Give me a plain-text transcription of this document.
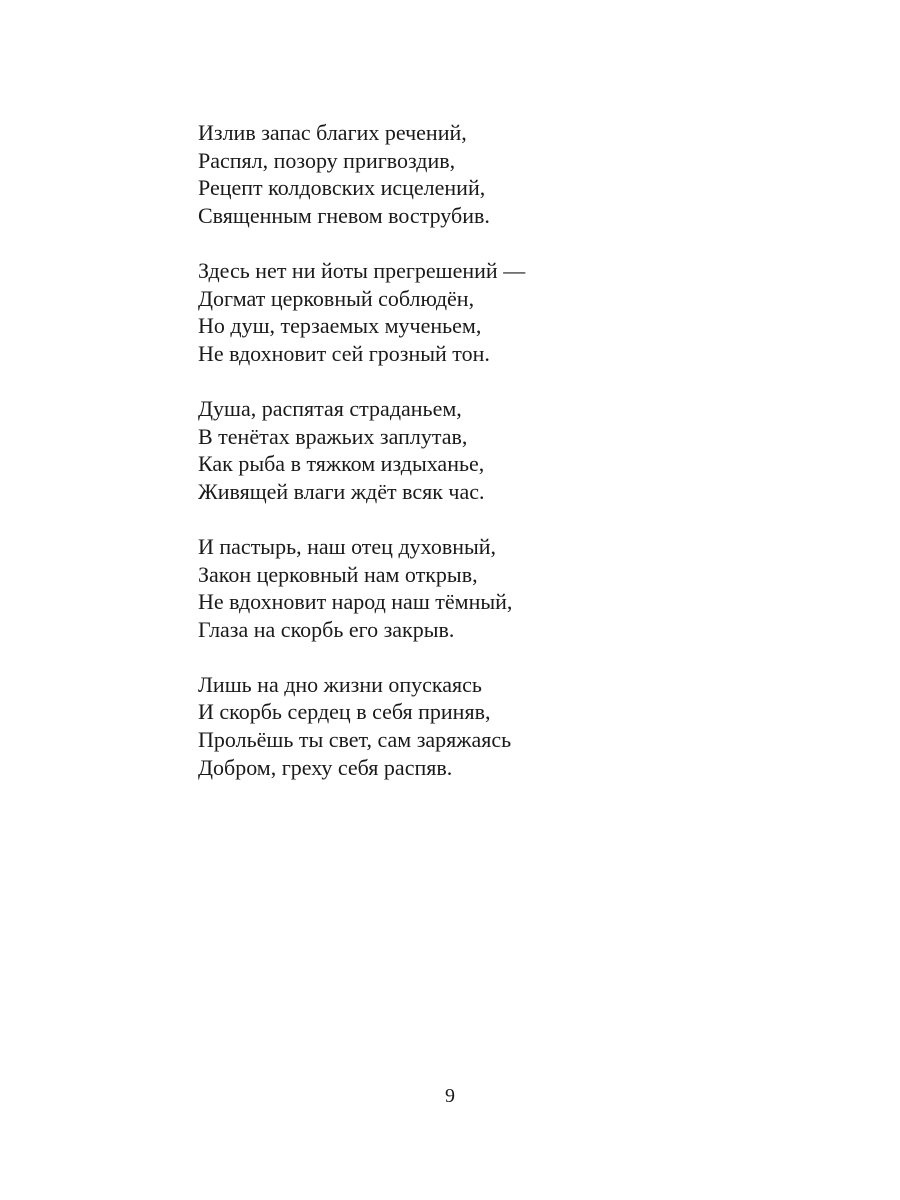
Излив запас благих речений,
Распял, позору пригвоздив,
Рецепт колдовских исцелений,
Священным гневом вострубив.

Здесь нет ни йоты прегрешений —
Догмат церковный соблюдён,
Но душ, терзаемых мученьем,
Не вдохновит сей грозный тон.

Душа, распятая страданьем,
В тенётах вражьих заплутав,
Как рыба в тяжком издыханье,
Живящей влаги ждёт всяк час.

И пастырь, наш отец духовный,
Закон церковный нам открыв,
Не вдохновит народ наш тёмный,
Глаза на скорбь его закрыв.

Лишь на дно жизни опускаясь
И скорбь сердец в себя приняв,
Прольёшь ты свет, сам заряжаясь
Добром, греху себя распяв.

9
